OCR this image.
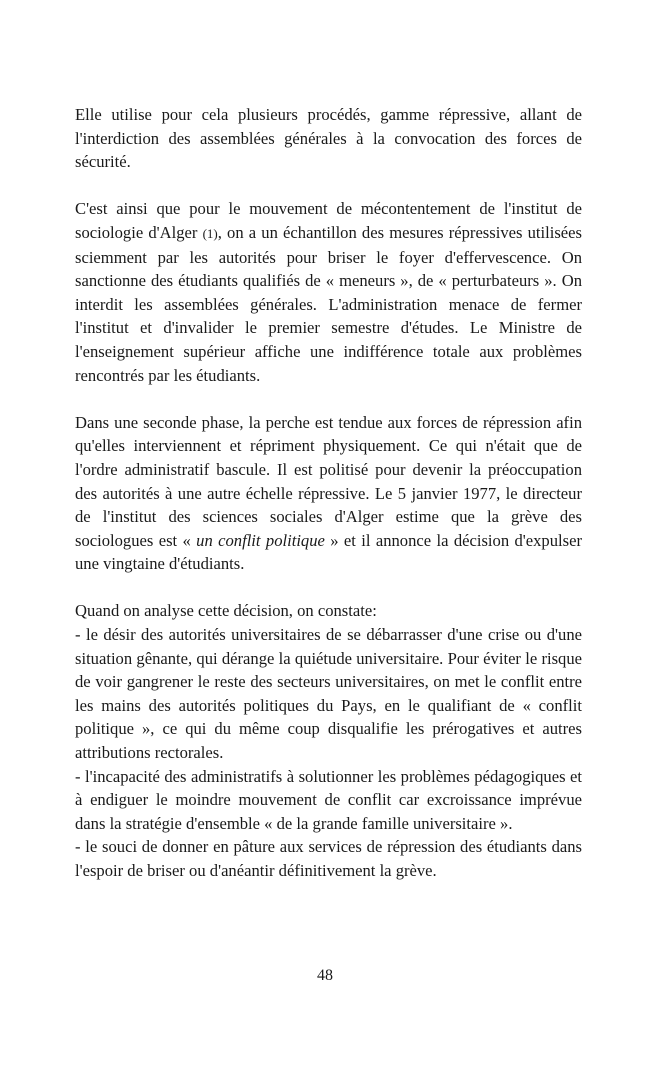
Elle utilise pour cela plusieurs procédés, gamme répressive, allant de l'interdiction des assemblées générales à la convocation des forces de sécurité.

C'est ainsi que pour le mouvement de mécontentement de l'institut de sociologie d'Alger (1), on a un échantillon des mesures répressives utilisées sciemment par les autorités pour briser le foyer d'effervescence. On sanctionne des étudiants qualifiés de « meneurs », de « perturbateurs ». On interdit les assemblées générales. L'administration menace de fermer l'institut et d'invalider le premier semestre d'études. Le Ministre de l'enseignement supérieur affiche une indifférence totale aux problèmes rencontrés par les étudiants.

Dans une seconde phase, la perche est tendue aux forces de répression afin qu'elles interviennent et répriment physiquement. Ce qui n'était que de l'ordre administratif bascule. Il est politisé pour devenir la préoccupation des autorités à une autre échelle répressive. Le 5 janvier 1977, le directeur de l'institut des sciences sociales d'Alger estime que la grève des sociologues est « un conflit politique » et il annonce la décision d'expulser une vingtaine d'étudiants.

Quand on analyse cette décision, on constate:

- le désir des autorités universitaires de se débarrasser d'une crise ou d'une situation gênante, qui dérange la quiétude universitaire. Pour éviter le risque de voir gangrener le reste des secteurs universitaires, on met le conflit entre les mains des autorités politiques du Pays, en le qualifiant de « conflit politique », ce qui du même coup disqualifie les prérogatives et autres attributions rectorales.

- l'incapacité des administratifs à solutionner les problèmes pédagogiques et à endiguer le moindre mouvement de conflit car excroissance imprévue dans la stratégie d'ensemble « de la grande famille universitaire ».

- le souci de donner en pâture aux services de répression des étudiants dans l'espoir de briser ou d'anéantir définitivement la grève.

48
